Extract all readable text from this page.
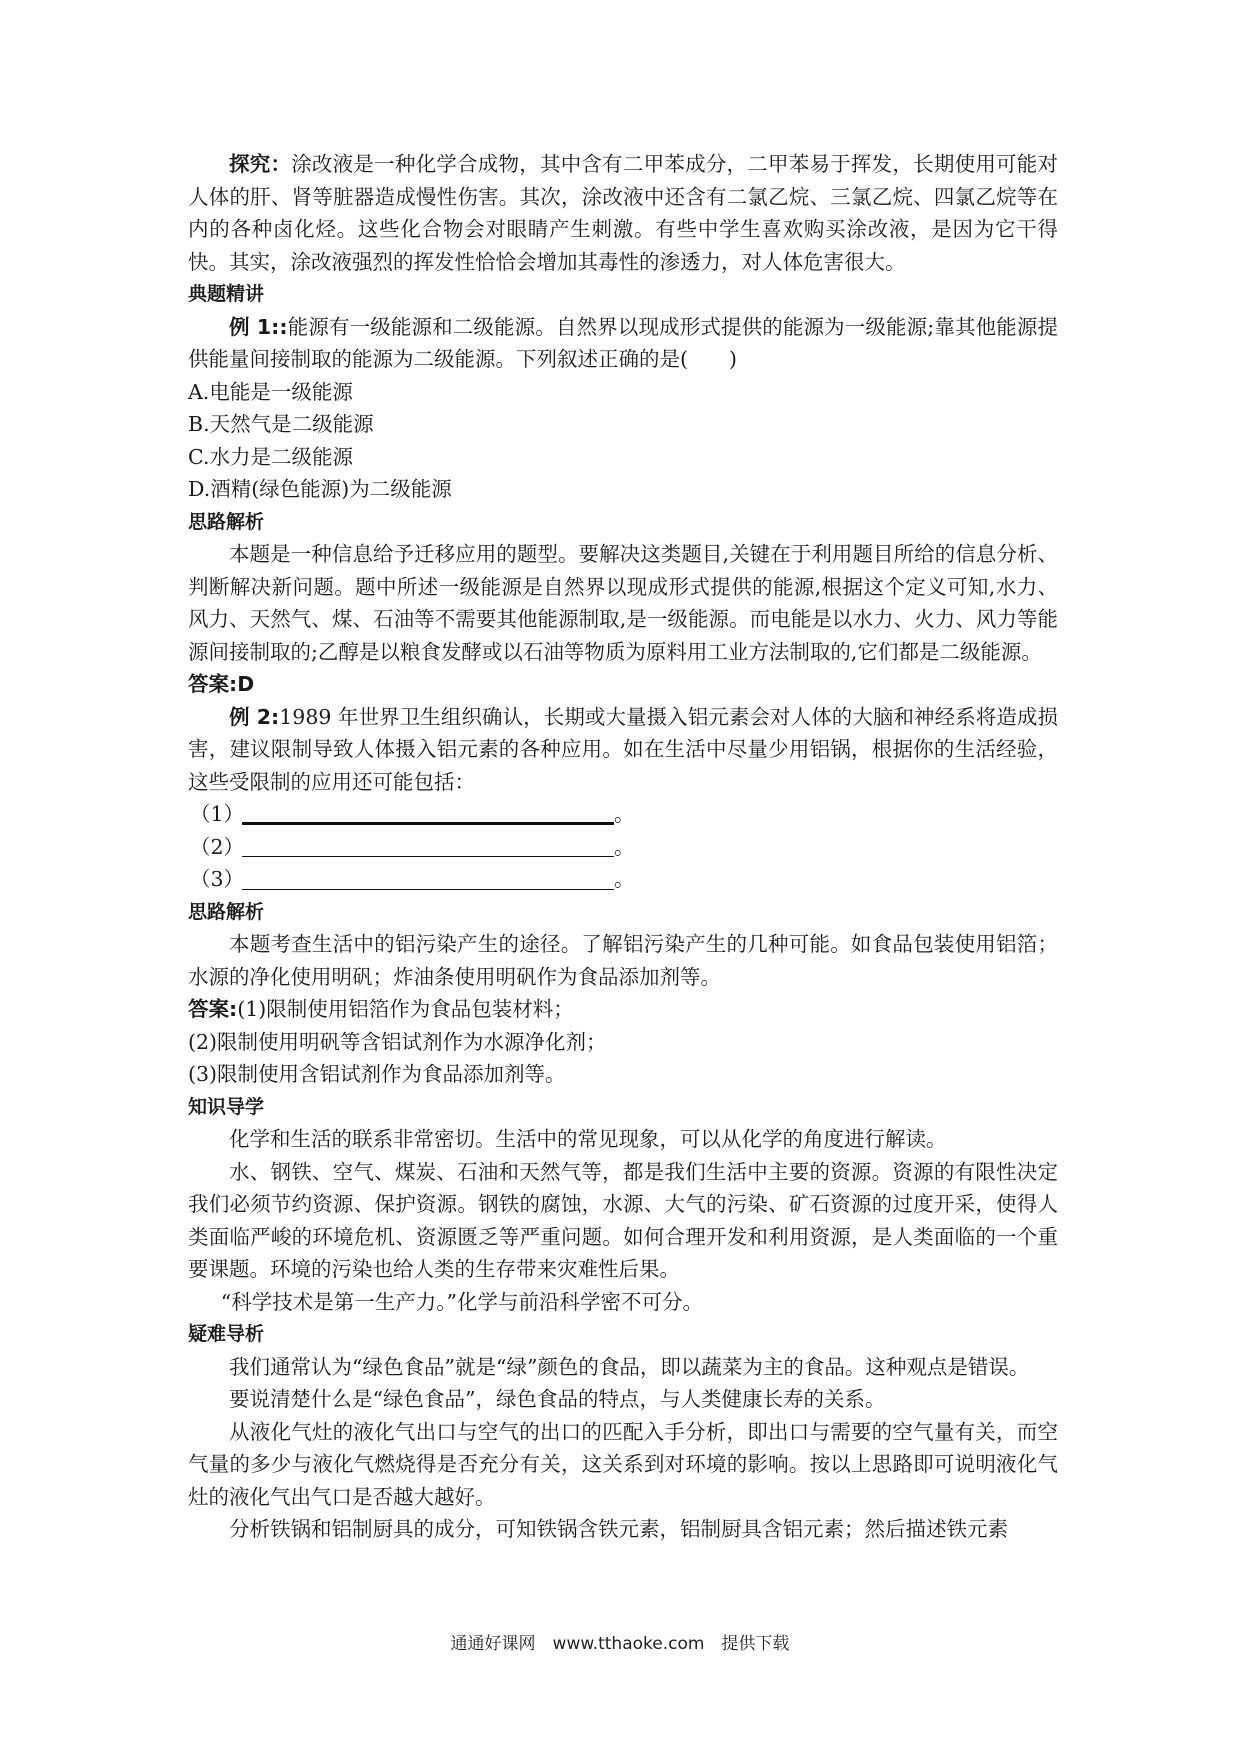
探究：涂改液是一种化学合成物，其中含有二甲苯成分，二甲苯易于挥发，长期使用可能对人体的肝、肾等脏器造成慢性伤害。其次，涂改液中还含有二氯乙烷、三氯乙烷、四氯乙烷等在内的各种卤化烃。这些化合物会对眼睛产生刺激。有些中学生喜欢购买涂改液，是因为它干得快。其实，涂改液强烈的挥发性恰恰会增加其毒性的渗透力，对人体危害很大。

典题精讲

例 1::能源有一级能源和二级能源。自然界以现成形式提供的能源为一级能源;靠其他能源提供能量间接制取的能源为二级能源。下列叙述正确的是(　　)

A.电能是一级能源

B.天然气是二级能源

C.水力是二级能源

D.酒精(绿色能源)为二级能源

思路解析

本题是一种信息给予迁移应用的题型。要解决这类题目,关键在于利用题目所给的信息分析、判断解决新问题。题中所述一级能源是自然界以现成形式提供的能源,根据这个定义可知,水力、风力、天然气、煤、石油等不需要其他能源制取,是一级能源。而电能是以水力、火力、风力等能源间接制取的;乙醇是以粮食发酵或以石油等物质为原料用工业方法制取的,它们都是二级能源。

答案:D

例 2:1989 年世界卫生组织确认，长期或大量摄入铝元素会对人体的大脑和神经系将造成损害，建议限制导致人体摄入铝元素的各种应用。如在生活中尽量少用铝锅，根据你的生活经验，这些受限制的应用还可能包括：

（1）	。

（2）	。

（3）	。

思路解析

本题考查生活中的铝污染产生的途径。了解铝污染产生的几种可能。如食品包装使用铝箔；水源的净化使用明矾；炸油条使用明矾作为食品添加剂等。

答案:(1)限制使用铝箔作为食品包装材料；

(2)限制使用明矾等含铝试剂作为水源净化剂；

(3)限制使用含铝试剂作为食品添加剂等。

知识导学

化学和生活的联系非常密切。生活中的常见现象，可以从化学的角度进行解读。

水、钢铁、空气、煤炭、石油和天然气等，都是我们生活中主要的资源。资源的有限性决定我们必须节约资源、保护资源。钢铁的腐蚀，水源、大气的污染、矿石资源的过度开采，使得人类面临严峻的环境危机、资源匮乏等严重问题。如何合理开发和利用资源，是人类面临的一个重要课题。环境的污染也给人类的生存带来灾难性后果。

“科学技术是第一生产力。”化学与前沿科学密不可分。

疑难导析

我们通常认为“绿色食品”就是“绿”颜色的食品，即以蔬菜为主的食品。这种观点是错误。

要说清楚什么是“绿色食品”，绿色食品的特点，与人类健康长寿的关系。

从液化气灶的液化气出口与空气的出口的匹配入手分析，即出口与需要的空气量有关，而空气量的多少与液化气燃烧得是否充分有关，这关系到对环境的影响。按以上思路即可说明液化气灶的液化气出气口是否越大越好。

分析铁锅和铝制厨具的成分，可知铁锅含铁元素，铝制厨具含铝元素；然后描述铁元素

通通好课网　www.tthaoke.com　提供下载
